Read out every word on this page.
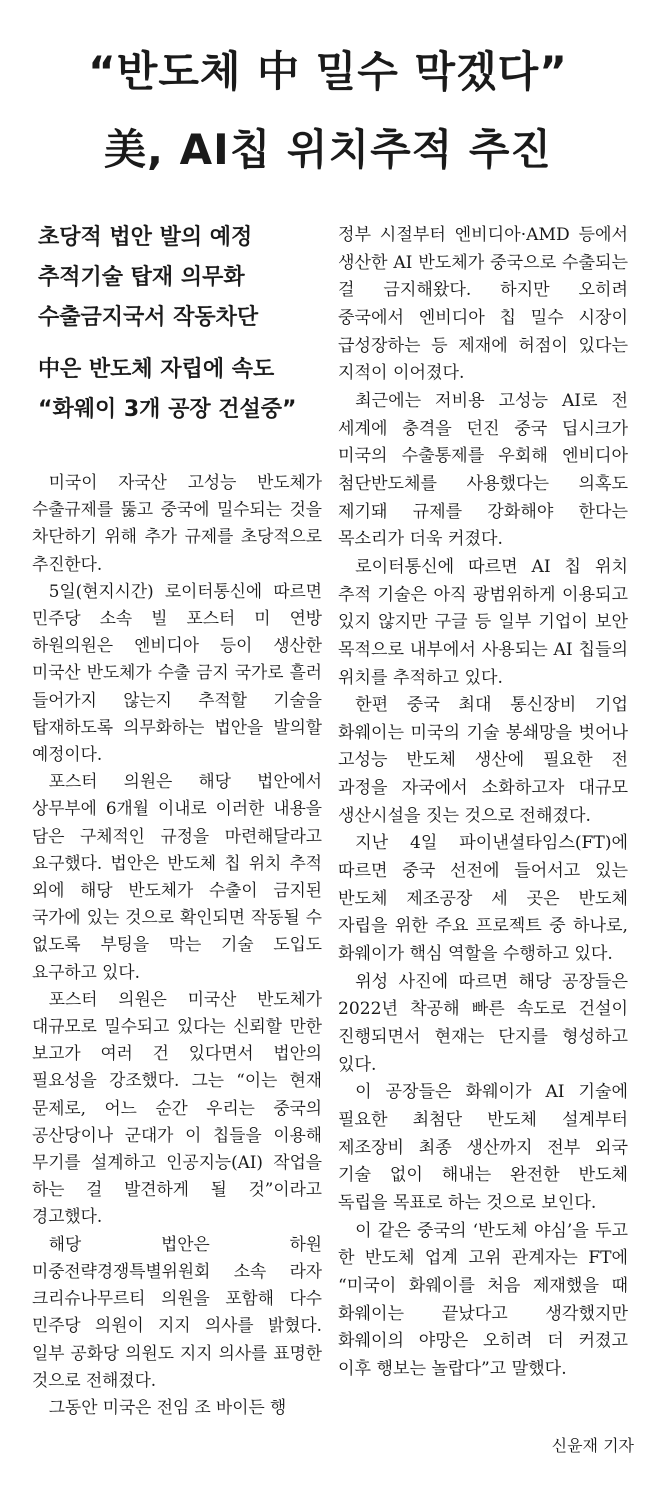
“반도체 中 밀수 막겠다”
美, AI칩 위치추적 추진
초당적 법안 발의 예정
추적기술 탑재 의무화
수출금지국서 작동차단
中은 반도체 자립에 속도
“화웨이 3개 공장 건설중”

미국이 자국산 고성능 반도체가 수출규제를 뚫고 중국에 밀수되는 것을 차단하기 위해 추가 규제를 초당적으로 추진한다.

5일(현지시간) 로이터통신에 따르면 민주당 소속 빌 포스터 미 연방 하원의원은 엔비디아 등이 생산한 미국산 반도체가 수출 금지 국가로 흘러 들어가지 않는지 추적할 기술을 탑재하도록 의무화하는 법안을 발의할 예정이다.

포스터 의원은 해당 법안에서 상무부에 6개월 이내로 이러한 내용을 담은 구체적인 규정을 마련해달라고 요구했다. 법안은 반도체 칩 위치 추적 외에 해당 반도체가 수출이 금지된 국가에 있는 것으로 확인되면 작동될 수 없도록 부팅을 막는 기술 도입도 요구하고 있다.

포스터 의원은 미국산 반도체가 대규모로 밀수되고 있다는 신뢰할 만한 보고가 여러 건 있다면서 법안의 필요성을 강조했다. 그는 “이는 현재 문제로, 어느 순간 우리는 중국의 공산당이나 군대가 이 칩들을 이용해 무기를 설계하고 인공지능(AI) 작업을 하는 걸 발견하게 될 것”이라고 경고했다.

해당 법안은 하원 미중전략경쟁특별위원회 소속 라자 크리슈나무르티 의원을 포함해 다수 민주당 의원이 지지 의사를 밝혔다. 일부 공화당 의원도 지지 의사를 표명한 것으로 전해졌다.

그동안 미국은 전임 조 바이든 행

정부 시절부터 엔비디아·AMD 등에서 생산한 AI 반도체가 중국으로 수출되는 걸 금지해왔다. 하지만 오히려 중국에서 엔비디아 칩 밀수 시장이 급성장하는 등 제재에 허점이 있다는 지적이 이어졌다.

최근에는 저비용 고성능 AI로 전 세계에 충격을 던진 중국 딥시크가 미국의 수출통제를 우회해 엔비디아 첨단반도체를 사용했다는 의혹도 제기돼 규제를 강화해야 한다는 목소리가 더욱 커졌다.

로이터통신에 따르면 AI 칩 위치 추적 기술은 아직 광범위하게 이용되고 있지 않지만 구글 등 일부 기업이 보안 목적으로 내부에서 사용되는 AI 칩들의 위치를 추적하고 있다.

한편 중국 최대 통신장비 기업 화웨이는 미국의 기술 봉쇄망을 벗어나 고성능 반도체 생산에 필요한 전 과정을 자국에서 소화하고자 대규모 생산시설을 짓는 것으로 전해졌다.

지난 4일 파이낸셜타임스(FT)에 따르면 중국 선전에 들어서고 있는 반도체 제조공장 세 곳은 반도체 자립을 위한 주요 프로젝트 중 하나로, 화웨이가 핵심 역할을 수행하고 있다.

위성 사진에 따르면 해당 공장들은 2022년 착공해 빠른 속도로 건설이 진행되면서 현재는 단지를 형성하고 있다.

이 공장들은 화웨이가 AI 기술에 필요한 최첨단 반도체 설계부터 제조장비 최종 생산까지 전부 외국 기술 없이 해내는 완전한 반도체 독립을 목표로 하는 것으로 보인다.

이 같은 중국의 ‘반도체 야심’을 두고 한 반도체 업계 고위 관계자는 FT에 “미국이 화웨이를 처음 제재했을 때 화웨이는 끝났다고 생각했지만 화웨이의 야망은 오히려 더 커졌고 이후 행보는 놀랍다”고 말했다.

신윤재 기자
